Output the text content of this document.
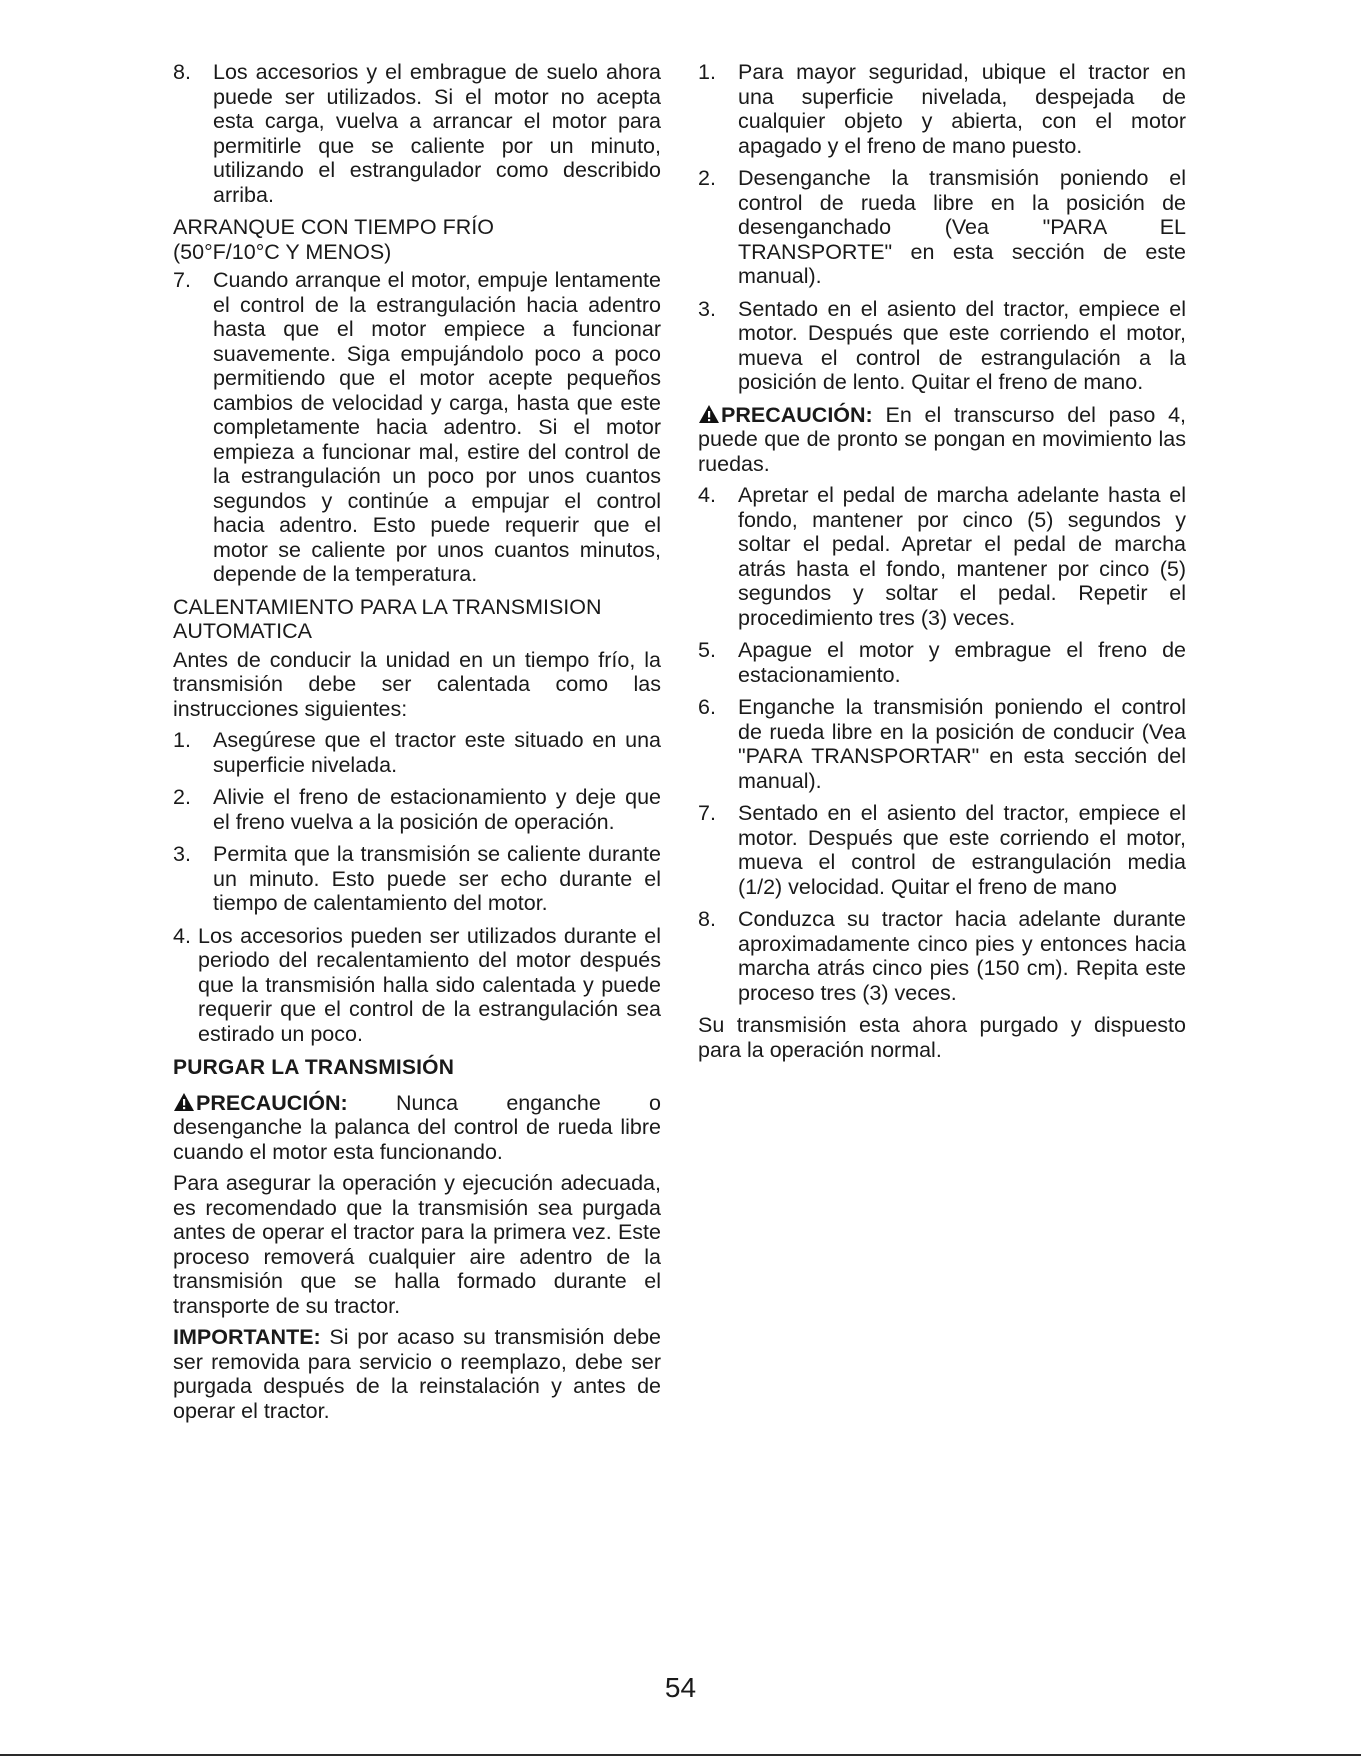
8.	Los accesorios y el embrague de suelo ahora puede ser utilizados. Si el motor no acepta esta carga, vuelva a arrancar el motor para permitirle que se caliente por un minuto, utilizando el estrangulador como describido arriba.
ARRANQUE CON TIEMPO FRÍO
(50°F/10°C Y MENOS)
7.	Cuando arranque el motor, empuje lentamente el control de la estrangulación hacia adentro hasta que el motor empiece a funcionar suavemente. Siga empujándolo poco a poco permitiendo que el motor acepte pequeños cambios de velocidad y carga, hasta que este completamente hacia adentro. Si el motor empieza a funcionar mal, estire del control de la estrangulación un poco por unos cuantos segundos y continúe a empujar el control hacia adentro. Esto puede requerir que el motor se caliente por unos cuantos minutos, depende de la temperatura.
CALENTAMIENTO PARA LA TRANSMISION
AUTOMATICA

Antes de conducir la unidad en un tiempo frío, la transmisión debe ser calentada como las instrucciones siguientes:

1.	Asegúrese que el tractor este situado en una superficie nivelada.
2.	Alivie el freno de estacionamiento y deje que el freno vuelva a la posición de operación.
3.	Permita que la transmisión se caliente durante un minuto. Esto puede ser echo durante el tiempo de calentamiento del motor.
4. Los accesorios pueden ser utilizados durante el periodo del recalentamiento del motor después que la transmisión halla sido calentada y puede requerir que el control de la estrangulación sea estirado un poco.
PURGAR LA TRANSMISIÓN

PRECAUCIÓN: Nunca enganche o desenganche la palanca del control de rueda libre cuando el motor esta funcionando.

Para asegurar la operación y ejecución adecuada, es recomendado que la transmisión sea purgada antes de operar el tractor para la primera vez. Este proceso removerá cualquier aire adentro de la transmisión que se halla formado durante el transporte de su tractor.

IMPORTANTE: Si por acaso su transmisión debe ser removida para servicio o reemplazo, debe ser purgada después de la reinstalación y antes de operar el tractor.

1.	Para mayor seguridad, ubique el tractor en una superficie nivelada, despejada de cualquier objeto y abierta, con el motor apagado y el freno de mano puesto.
2.	Desenganche la transmisión poniendo el control de rueda libre en la posición de desenganchado (Vea "PARA EL TRANSPORTE" en esta sección de este manual).
3.	Sentado en el asiento del tractor, empiece el motor. Después que este corriendo el motor, mueva el control de estrangulación a la posición de lento. Quitar el freno de mano.

PRECAUCIÓN: En el transcurso del paso 4, puede que de pronto se pongan en movimiento las ruedas.

4.	Apretar el pedal de marcha adelante hasta el fondo, mantener por cinco (5) segundos y soltar el pedal. Apretar el pedal de marcha atrás hasta el fondo, mantener por cinco (5) segundos y soltar el pedal. Repetir el procedimiento tres (3) veces.
5.	Apague el motor y embrague el freno de estacionamiento.
6.	Enganche la transmisión poniendo el control de rueda libre en la posición de conducir (Vea "PARA TRANSPORTAR" en esta sección del manual).
7.	Sentado en el asiento del tractor, empiece el motor. Después que este corriendo el motor, mueva el control de estrangulación media (1/2) velocidad. Quitar el freno de mano
8.	Conduzca su tractor hacia adelante durante aproximadamente cinco pies y entonces hacia marcha atrás cinco pies (150 cm). Repita este proceso tres (3) veces.

Su transmisión esta ahora purgado y dispuesto para la operación normal.

54
